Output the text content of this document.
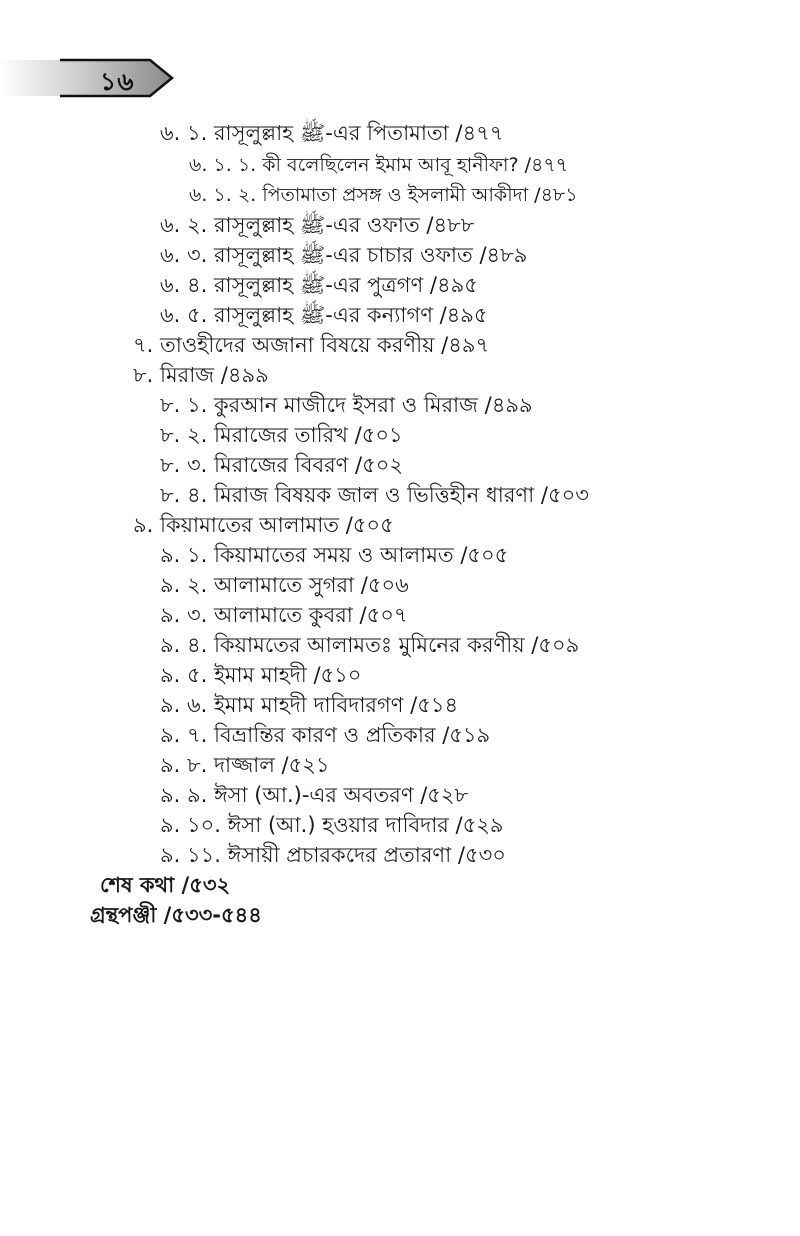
১৬
৬. ১. রাসূলুল্লাহ ﷺ-এর পিতামাতা /৪৭৭
৬. ১. ১. কী বলেছিলেন ইমাম আবূ হানীফা? /৪৭৭
৬. ১. ২. পিতামাতা প্রসঙ্গ ও ইসলামী আকীদা /৪৮১
৬. ২. রাসূলুল্লাহ ﷺ-এর ওফাত /৪৮৮
৬. ৩. রাসূলুল্লাহ ﷺ-এর চাচার ওফাত /৪৮৯
৬. ৪. রাসূলুল্লাহ ﷺ-এর পুত্রগণ /৪৯৫
৬. ৫. রাসূলুল্লাহ ﷺ-এর কন্যাগণ /৪৯৫
৭. তাওহীদের অজানা বিষয়ে করণীয় /৪৯৭
৮. মিরাজ /৪৯৯
৮. ১. কুরআন মাজীদে ইসরা ও মিরাজ /৪৯৯
৮. ২. মিরাজের তারিখ /৫০১
৮. ৩. মিরাজের বিবরণ /৫০২
৮. ৪. মিরাজ বিষয়ক জাল ও ভিত্তিহীন ধারণা /৫০৩
৯. কিয়ামাতের আলামাত /৫০৫
৯. ১. কিয়ামাতের সময় ও আলামত /৫০৫
৯. ২. আলামাতে সুগরা /৫০৬
৯. ৩. আলামাতে কুবরা /৫০৭
৯. ৪. কিয়ামতের আলামতঃ মুমিনের করণীয় /৫০৯
৯. ৫. ইমাম মাহদী /৫১০
৯. ৬. ইমাম মাহদী দাবিদারগণ /৫১৪
৯. ৭. বিভ্রান্তির কারণ ও প্রতিকার /৫১৯
৯. ৮. দাজ্জাল /৫২১
৯. ৯. ঈসা (আ.)-এর অবতরণ /৫২৮
৯. ১০. ঈসা (আ.) হওয়ার দাবিদার /৫২৯
৯. ১১. ঈসায়ী প্রচারকদের প্রতারণা /৫৩০
শেষ কথা /৫৩২
গ্রন্থপঞ্জী /৫৩৩-৫৪৪
